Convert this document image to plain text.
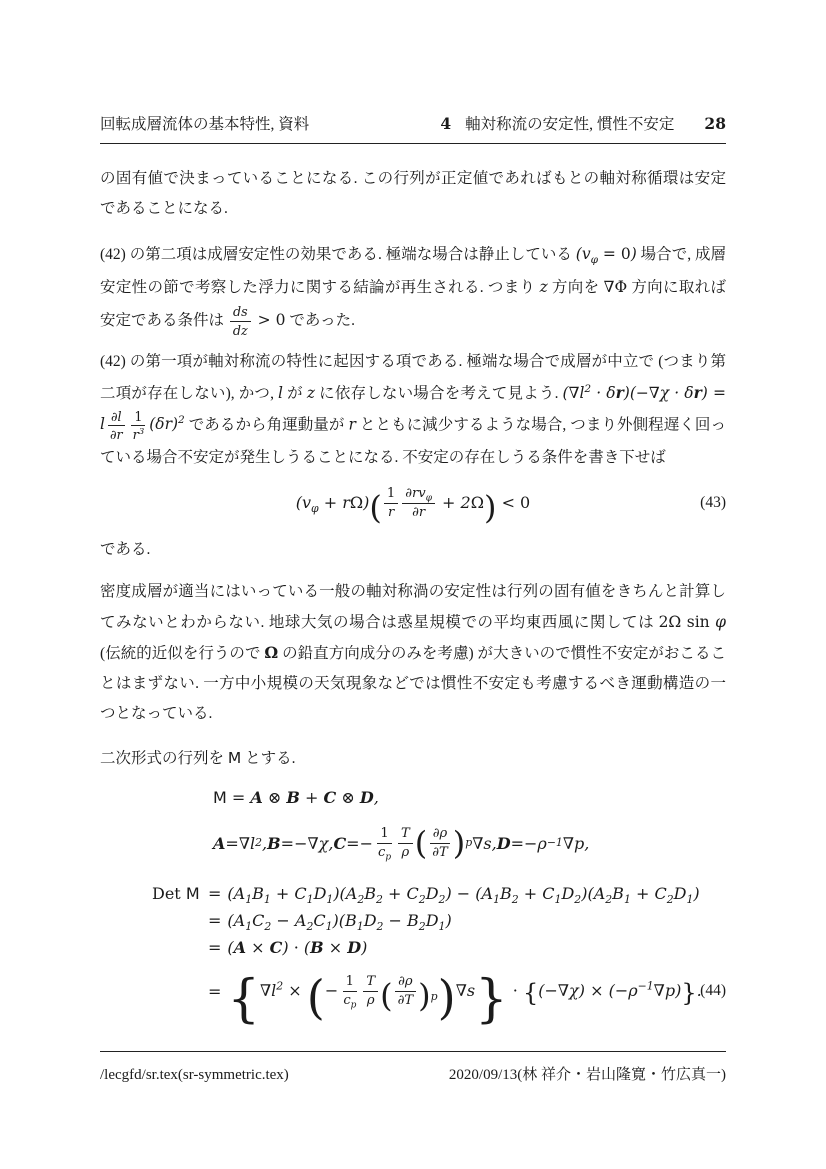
回転成層流体の基本特性, 資料	4 軸対称流の安定性, 慣性不安定 28

の固有値で決まっていることになる. この行列が正定値であればもとの軸対称循環は安定であることになる.

(42) の第二項は成層安定性の効果である. 極端な場合は静止している $(v_\varphi = 0)$ 場合で, 成層安定性の節で考察した浮力に関する結論が再生される. つまり z 方向を ∇Φ 方向に取れば安定である条件は $\frac{ds}{dz} > 0$ であった.

(42) の第一項が軸対称流の特性に起因する項である. 極端な場合で成層が中立で (つまり第二項が存在しない), かつ, l が z に依存しない場合を考えて見よう. $(\nabla l^2 \cdot \delta r)(-\nabla\chi \cdot \delta r) = l \frac{\partial l}{\partial r} \frac{1}{r^3} (\delta r)^2$ であるから角運動量が r とともに減少するような場合, つまり外側程遅く回っている場合不安定が発生しうることになる. 不安定の存在しうる条件を書き下せば

$(v_\varphi + r\Omega)( \frac{1}{r} \frac{\partial rv_\varphi}{\partial r} + 2\Omega) < 0$	(43)

である.

密度成層が適当にはいっている一般の軸対称渦の安定性は行列の固有値をきちんと計算してみないとわからない. 地球大気の場合は惑星規模での平均東西風に関しては 2Ω sin φ (伝統的近似を行うので Ω の鉛直方向成分のみを考慮) が大きいので慣性不安定がおこることはまずない. 一方中小規模の天気現象などでは慣性不安定も考慮するべき運動構造の一つとなっている.

二次形式の行列を M とする.

M = A ⊗ B + C ⊗ D,
A = ∇ l 2 , B = − ∇ χ, C = − $\frac{1}{c_p} \frac{T}{\rho}$ ( $\frac{\partial\rho}{\partial T}$ ) p ∇ s, D = −ρ −1 ∇ p,
Det $M = (A_1B_1 + C_1D_1)(A_2B_2 + C_2D_2) - (A_1B_2 + C_1D_2)(A_2B_1 + C_2D_1)$
= $(A_1C_2 - A_2C_1)(B_1D_2 - B_2D_1)$
= (A × C) · (B × D)
= {$\nabla l^2$ × (− $\frac{1}{c_p} \frac{T}{\rho}$ ( $\frac{\partial\rho}{\partial T} )_p)\nabla s\} \cdot \{(-\nabla\chi) \times (-\rho^{-1}\nabla p)\}$.
(44)
/lecgfd/sr.tex(sr-symmetric.tex)	2020/09/13(林 祥介・岩山隆寛・竹広真一)
